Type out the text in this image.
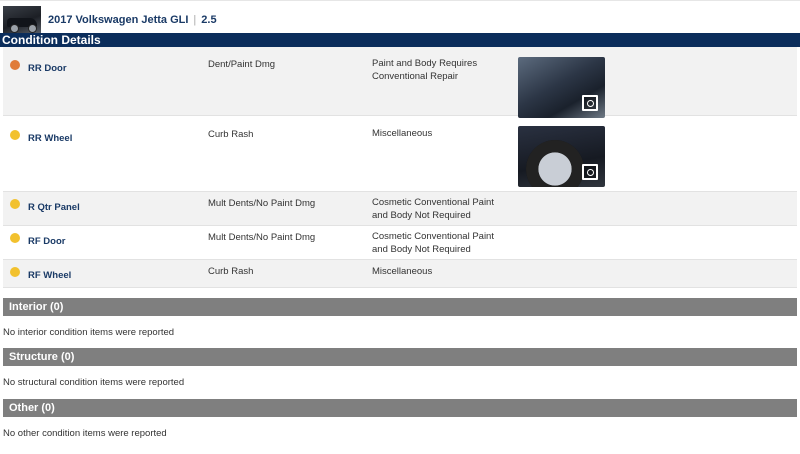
2017 Volkswagen Jetta GLI | 2.5
Condition Details
RR Door	Dent/Paint Dmg	Paint and Body Requires Conventional Repair
RR Wheel	Curb Rash	Miscellaneous
R Qtr Panel	Mult Dents/No Paint Dmg	Cosmetic Conventional Paint and Body Not Required
RF Door	Mult Dents/No Paint Dmg	Cosmetic Conventional Paint and Body Not Required
RF Wheel	Curb Rash	Miscellaneous
Interior (0)
No interior condition items were reported
Structure (0)
No structural condition items were reported
Other (0)
No other condition items were reported
